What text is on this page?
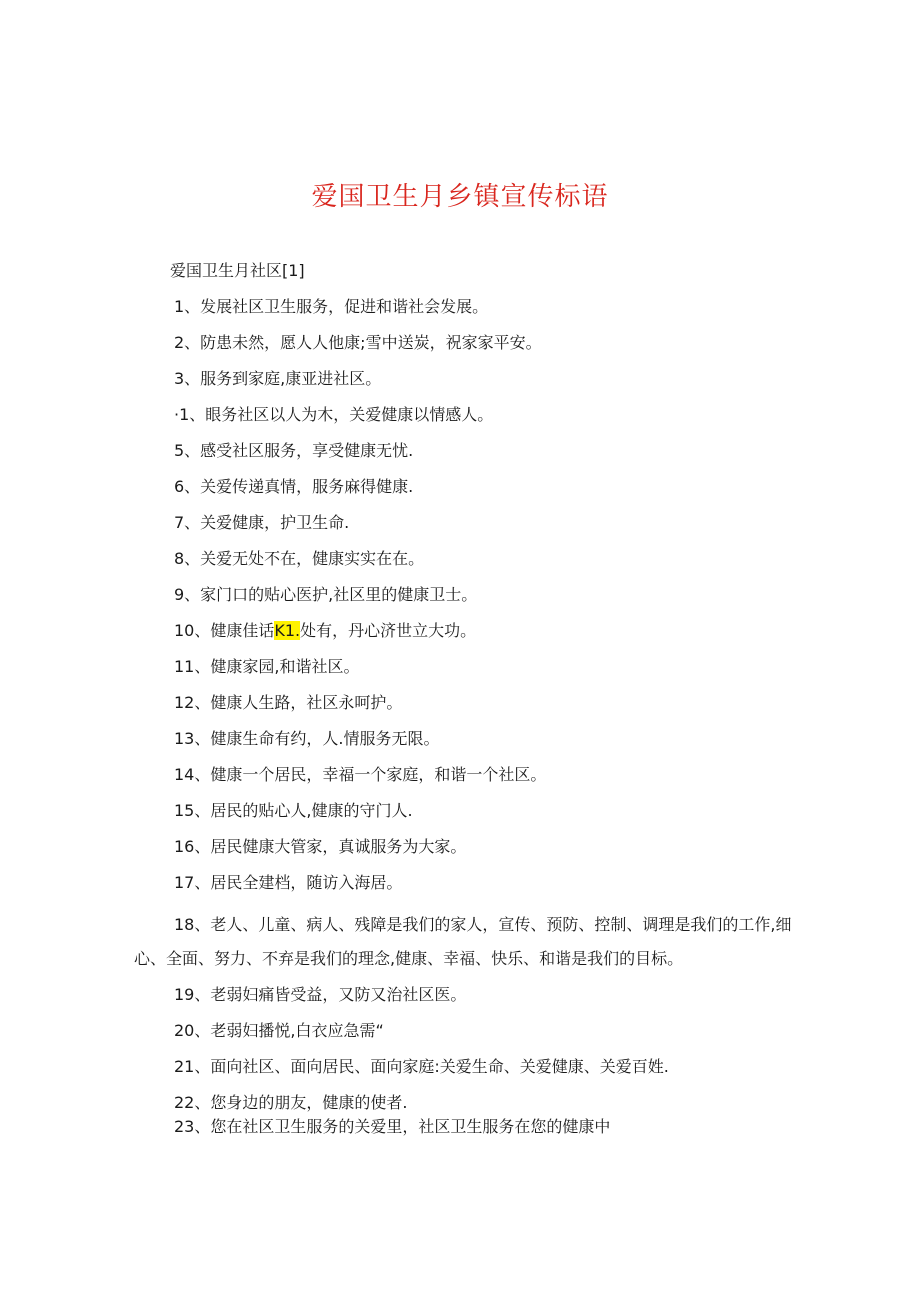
爱国卫生月乡镇宣传标语

爱国卫生月社区[1]

1、发展社区卫生服务，促进和谐社会发展。

2、防患未然，愿人人他康;雪中送炭，祝家家平安。

3、服务到家庭,康亚进社区。

·1、眼务社区以人为木，关爱健康以情感人。

5、感受社区服务，享受健康无忧.

6、关爱传递真情，服务麻得健康.

7、关爱健康，护卫生命.

8、关爱无处不在，健康实实在在。

9、家门口的贴心医护,社区里的健康卫士。

10、健康佳话K1.处有，丹心济世立大功。

11、健康家园,和谐社区。

12、健康人生路，社区永呵护。

13、健康生命有约，人.情服务无限。

14、健康一个居民，幸福一个家庭，和谐一个社区。

15、居民的贴心人,健康的守门人.

16、居民健康大管家，真诚服务为大家。

17、居民全建档，随访入海居。

18、老人、儿童、病人、残障是我们的家人，宣传、预防、控制、调理是我们的工作,细心、全面、努力、不弃是我们的理念,健康、幸福、快乐、和谐是我们的目标。

19、老弱妇痛皆受益，又防又治社区医。

20、老弱妇播悦,白衣应急需“

21、面向社区、面向居民、面向家庭:关爱生命、关爱健康、关爱百姓.

22、您身边的朋友，健康的使者.

23、您在社区卫生服务的关爱里，社区卫生服务在您的健康中
